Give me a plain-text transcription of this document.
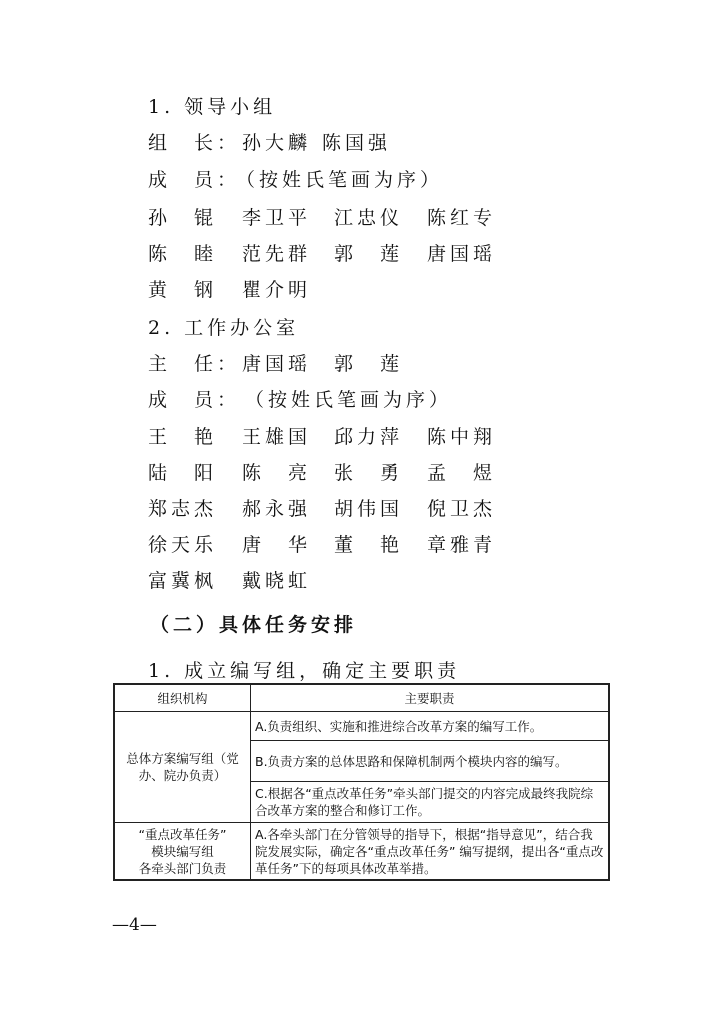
1. 领导小组
组　长： 孙大麟 陈国强
成　员：
（按姓氏笔画为序）
孙　锟 李卫平 江忠仪 陈红专
陈　睦 范先群 郭　莲 唐国瑶
黄　钢 瞿介明
2. 工作办公室
主　任： 唐国瑶 郭　莲
成　员： （按姓氏笔画为序）
王　艳 王雄国 邱力萍 陈中翔
陆　阳 陈　亮 张　勇 孟　煜
郑志杰 郝永强 胡伟国 倪卫杰
徐天乐 唐　华 董　艳 章雅青
富冀枫 戴晓虹
（二）具体任务安排
1. 成立编写组，确定主要职责
组织机构	主要职责
总体方案编写组（党办、院办负责）	A.负责组织、实施和推进综合改革方案的编写工作。
	B.负责方案的总体思路和保障机制两个模块内容的编写。
	C.根据各“重点改革任务”牵头部门提交的内容完成最终我院综合改革方案的整合和修订工作。

“重点改革任务”
模块编写组
各牵头部门负责	A.各牵头部门在分管领导的指导下，根据“指导意见”，结合我院发展实际，确定各“重点改革任务” 编写提纲，提出各“重点改革任务”下的每项具体改革举措。
—4—
